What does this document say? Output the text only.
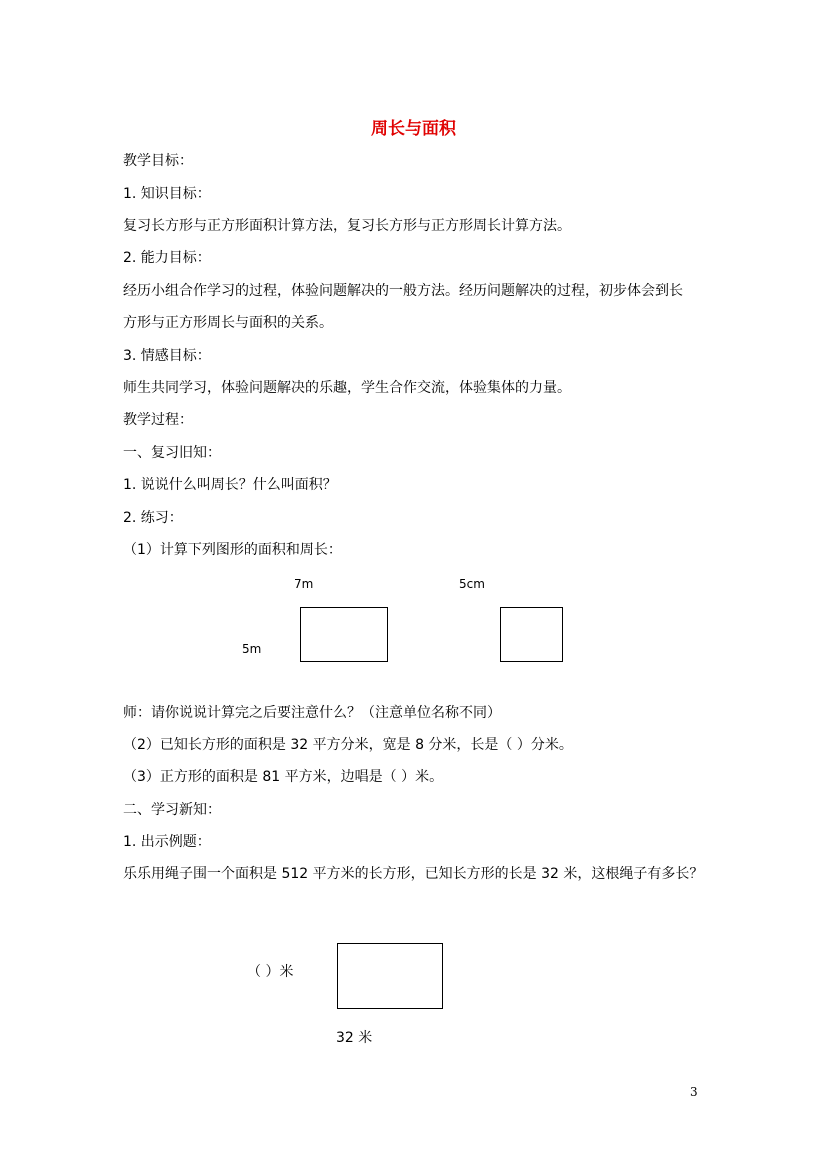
周长与面积
教学目标：
1. 知识目标：
复习长方形与正方形面积计算方法，复习长方形与正方形周长计算方法。
2. 能力目标：
经历小组合作学习的过程，体验问题解决的一般方法。经历问题解决的过程，初步体会到长
方形与正方形周长与面积的关系。
3. 情感目标：
师生共同学习，体验问题解决的乐趣，学生合作交流，体验集体的力量。
教学过程：
一、复习旧知：
1. 说说什么叫周长？什么叫面积？
2. 练习：
（1）计算下列图形的面积和周长：
7m	5cm
5m
师：请你说说计算完之后要注意什么？（注意单位名称不同）
（2）已知长方形的面积是 32 平方分米，宽是 8 分米，长是（ ）分米。
（3）正方形的面积是 81 平方米，边唱是（ ）米。
二、学习新知：
1. 出示例题：
乐乐用绳子围一个面积是 512 平方米的长方形，已知长方形的长是 32 米，这根绳子有多长？
（ ）米
32 米
3
